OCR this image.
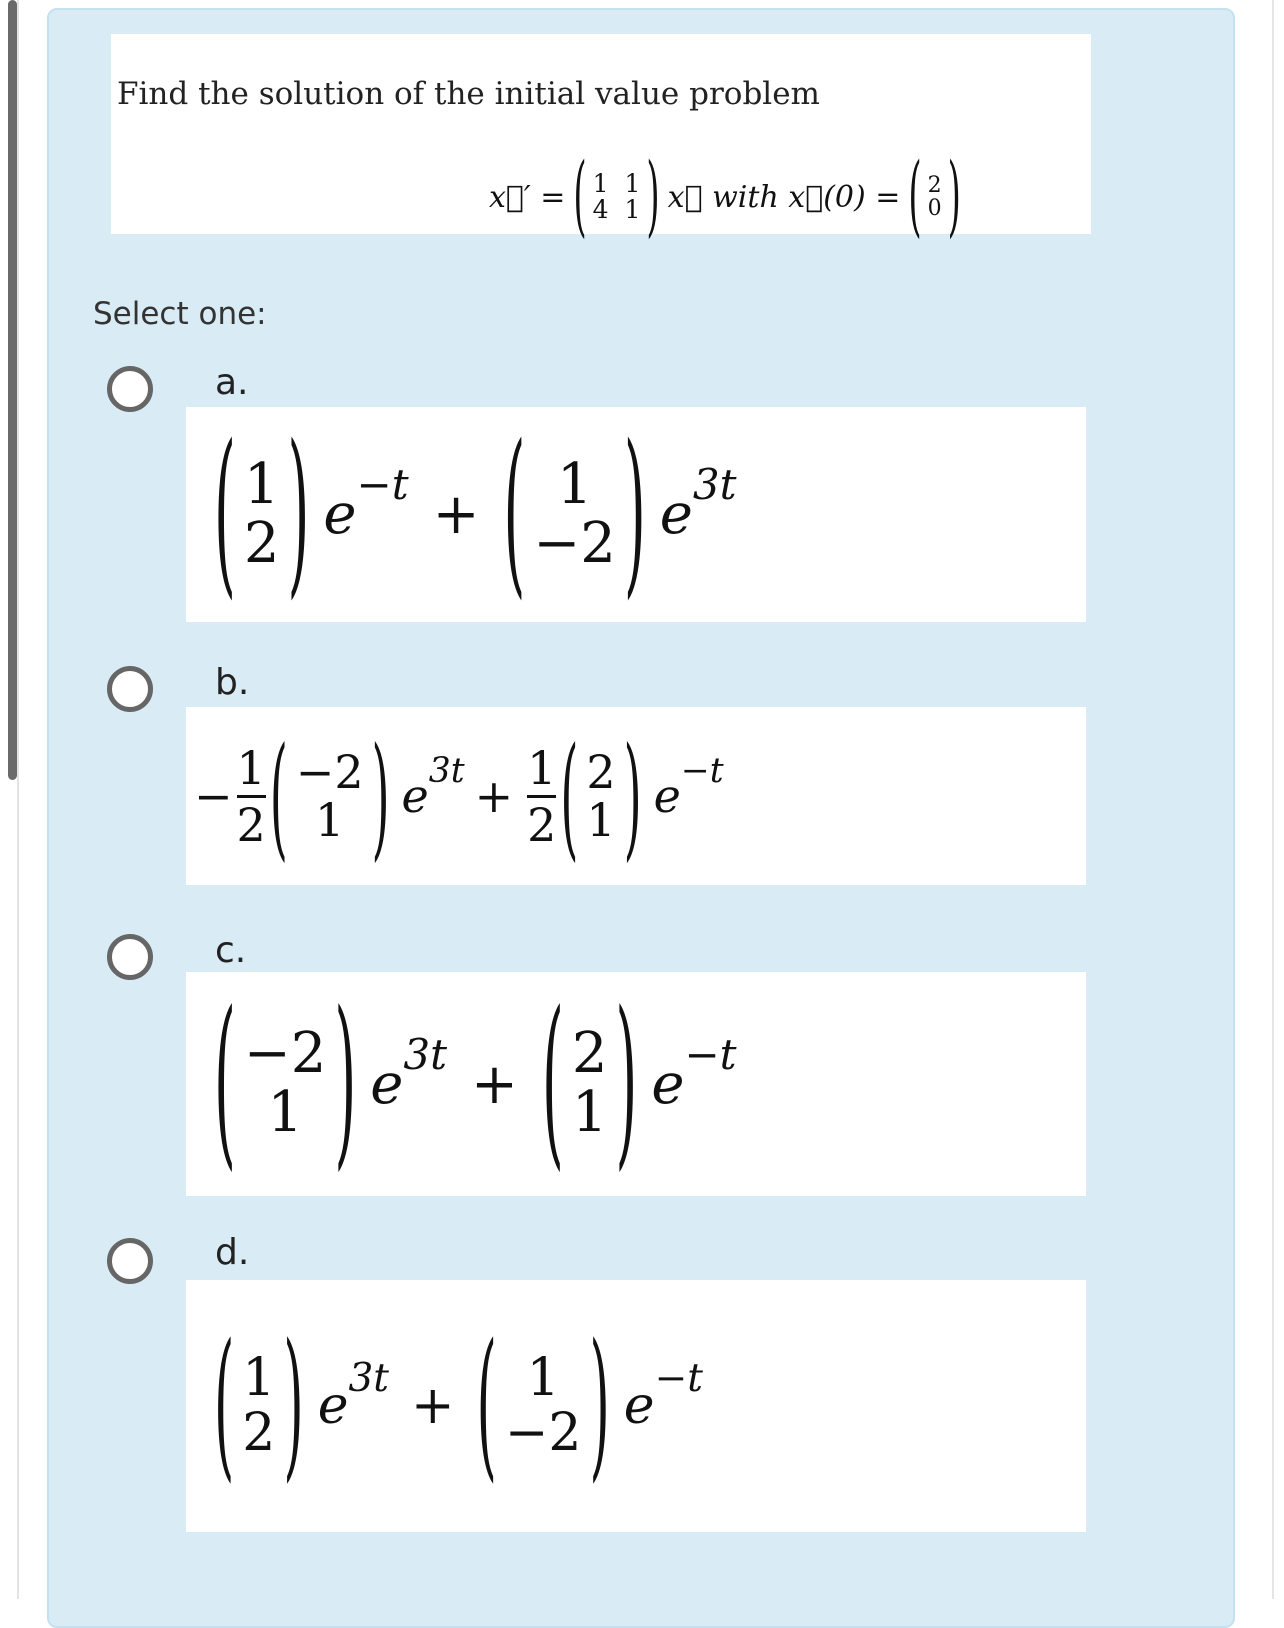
Find the solution of the initial value problem
x⃗′ = ( 1 1
4 1 ) x⃗ with x⃗(0) = ( 2
0 )
Select one:
a.
( 1
2 ) e −t + ( 1
−2 ) e 3t
b.
− $\frac{1}{2}$ ( −2
1 ) e $3t + \frac{1}{2}$ ( 2
1 ) e −t
c.
( −2
1 ) e 3t + ( 2
1 ) e −t
d.
( 1
2 ) e 3t + ( 1
−2 ) e −t
